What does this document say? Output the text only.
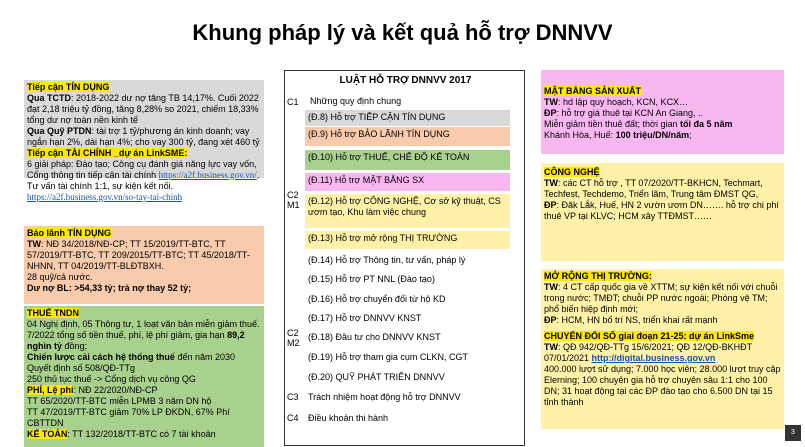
Khung pháp lý và kết quả hỗ trợ DNNVV
Tiếp cận TÍN DỤNG
Qua TCTD: 2018-2022 dư nợ tăng TB 14,17%. Cuối 2022 đạt 2,18 triệu tỷ đồng, tăng 8,28% so 2021, chiếm 18,33% tổng dư nợ toàn nền kinh tế
Qua Quỹ PTDN: tài trợ 1 tỷ/phương án kinh doanh; vay ngắn hạn 2%, dài hạn 4%; cho vay 300 tỷ, đang xét 460 tỷ
Tiếp cận TÀI CHÍNH _dự án LinkSME:
6 giải pháp: Đào tạo; Công cụ đánh giá năng lực vay vốn, Cổng thông tin tiếp cận tài chính https://a2f.business.gov.vn/, Tư vấn tài chính 1:1, sự kiện kết nối. https://a2f.business.gov.vn/so-tay-tai-chinh
Bảo lãnh TÍN DỤNG
TW: NĐ 34/2018/NĐ-CP; TT 15/2019/TT-BTC, TT 57/2019/TT-BTC, TT 209/2015/TT-BTC; TT 45/2018/TT-NHNN, TT 04/2019/TT-BLĐTBXH.
28 quỹ/cả nước.
Dư nợ BL: >54,33 tỷ; trả nợ thay 52 tỷ;
THUẾ TNDN
04 Nghị định, 05 Thông tư, 1 loạt văn bản miễn giảm thuế. 7/2022 tổng số tiền thuế, phí, lệ phí giảm, gia hạn 89,2 nghìn tỷ đồng;
Chiến lược cải cách hệ thống thuế đến năm 2030 Quyết định số 508/QĐ-TTg
250 thủ tục thuế -> Cổng dịch vụ công QG
PHÍ, Lệ phí: NĐ 22/2020/NĐ-CP
TT 65/2020/TT-BTC miễn LPMB 3 năm DN hộ
TT 47/2019/TT-BTC giảm 70% LP ĐKDN, 67% Phí CBTTDN
KẾ TOÁN: TT 132/2018/TT-BTC có 7 tài khoản
LUẬT HỖ TRỢ DNNVV 2017
C1
C2
M1
C2
M2
C3
C4
Những quy định chung
(Đ.8) Hỗ trợ TIẾP CẬN TÍN DỤNG
(Đ.9) Hỗ trợ BẢO LÃNH TÍN DỤNG
(Đ.10) Hỗ trợ THUẾ, CHẾ ĐỘ KẾ TOÁN
(Đ.11) Hỗ trợ MẶT BẰNG SX
(Đ.12) Hỗ trợ CÔNG NGHỆ, Cơ sở kỹ thuật, CS ươm tạo, Khu làm việc chung
(Đ.13) Hỗ trợ mở rộng THỊ TRƯỜNG
(Đ.14) Hỗ trợ Thông tin, tư vấn, pháp lý
(Đ.15) Hỗ trợ PT NNL (Đào tạo)
(Đ.16) Hỗ trợ chuyển đổi từ hộ KD
(Đ.17) Hỗ trợ DNNVV KNST
(Đ.18) Đầu tư cho DNNVV KNST
(Đ.19) Hỗ trợ tham gia cụm CLKN, CGT
(Đ.20) QUỸ PHÁT TRIỂN DNNVV
Trách nhiệm hoạt động hỗ trợ DNNVV
Điều khoản thi hành
MẶT BẰNG SẢN XUẤT
TW: hd lập quy hoạch, KCN, KCX…
ĐP: hỗ trợ giá thuê tại KCN An Giang, ..
Miễn giảm tiền thuê đất; thời gian tối đa 5 năm
Khánh Hòa, Huế: 100 triệu/DN/năm;
CÔNG NGHỆ
TW: các CT hỗ trợ , TT 07/2020/TT-BKHCN, Techmart, Techfest, Techdemo, Triển lãm, Trung tâm ĐMST QG,
ĐP: Đăk Lắk, Huế, HN 2 vườn ươm DN……. hỗ trợ chi phí thuê VP tại KLVC; HCM xây TTĐMST……
MỞ RỘNG THỊ TRƯỜNG:
TW: 4 CT cấp quốc gia về XTTM; sự kiện kết nối với chuỗi trong nước; TMĐT; chuỗi PP nước ngoài; Phòng vệ TM; phổ biến hiệp định mới;
ĐP: HCM, HN bố trí NS, triển khai rất mạnh

CHUYỂN ĐỔI SỐ giai đoạn 21-25: dự án LinkSme
TW: QĐ 942/QĐ-TTg 15/6/2021; QĐ 12/QĐ-BKHĐT 07/01/2021 http://digital.business.gov.vn
400.000 lượt sử dụng; 7.000 học viên; 28.000 lượt truy cập Elerning; 100 chuyên gia hỗ trợ chuyên sâu 1:1 cho 100 DN; 31 hoạt động tại các ĐP đào tạo cho 6.500 DN tại 15 tỉnh thành
3
